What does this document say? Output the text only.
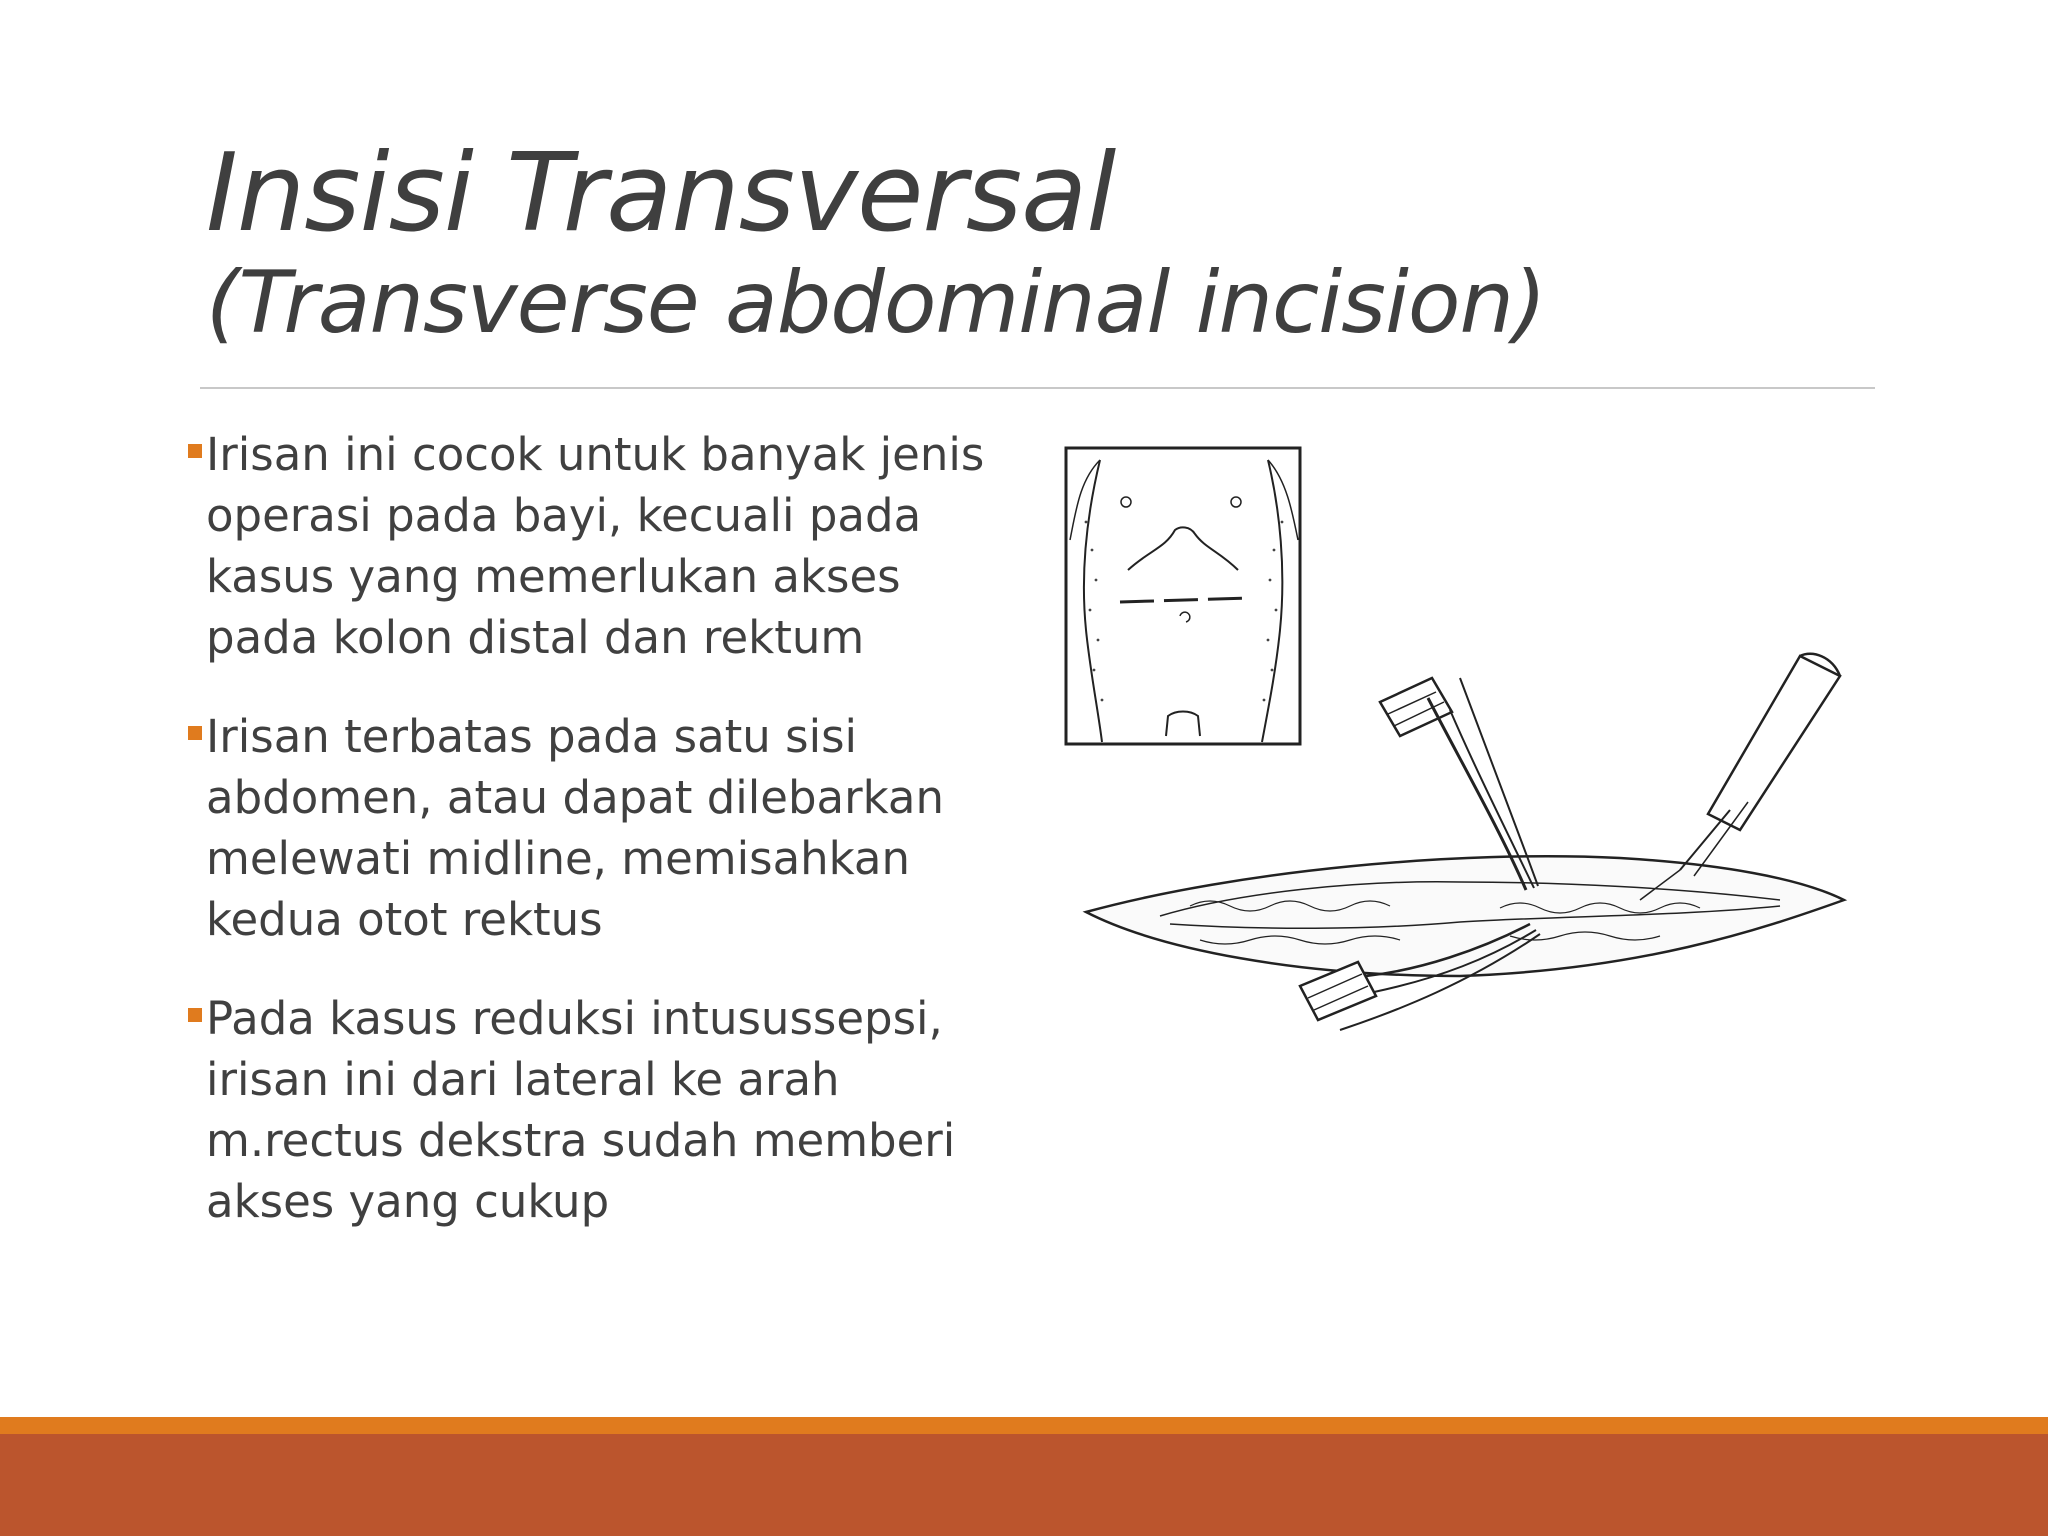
Insisi Transversal
(Transverse abdominal incision)
Irisan ini cocok untuk banyak jenis
operasi pada bayi, kecuali pada
kasus yang memerlukan akses
pada kolon distal dan rektum
Irisan terbatas pada satu sisi
abdomen, atau dapat dilebarkan
melewati midline, memisahkan
kedua otot rektus
Pada kasus reduksi intusussepsi,
irisan ini dari lateral ke arah
m.rectus dekstra sudah memberi
akses yang cukup
